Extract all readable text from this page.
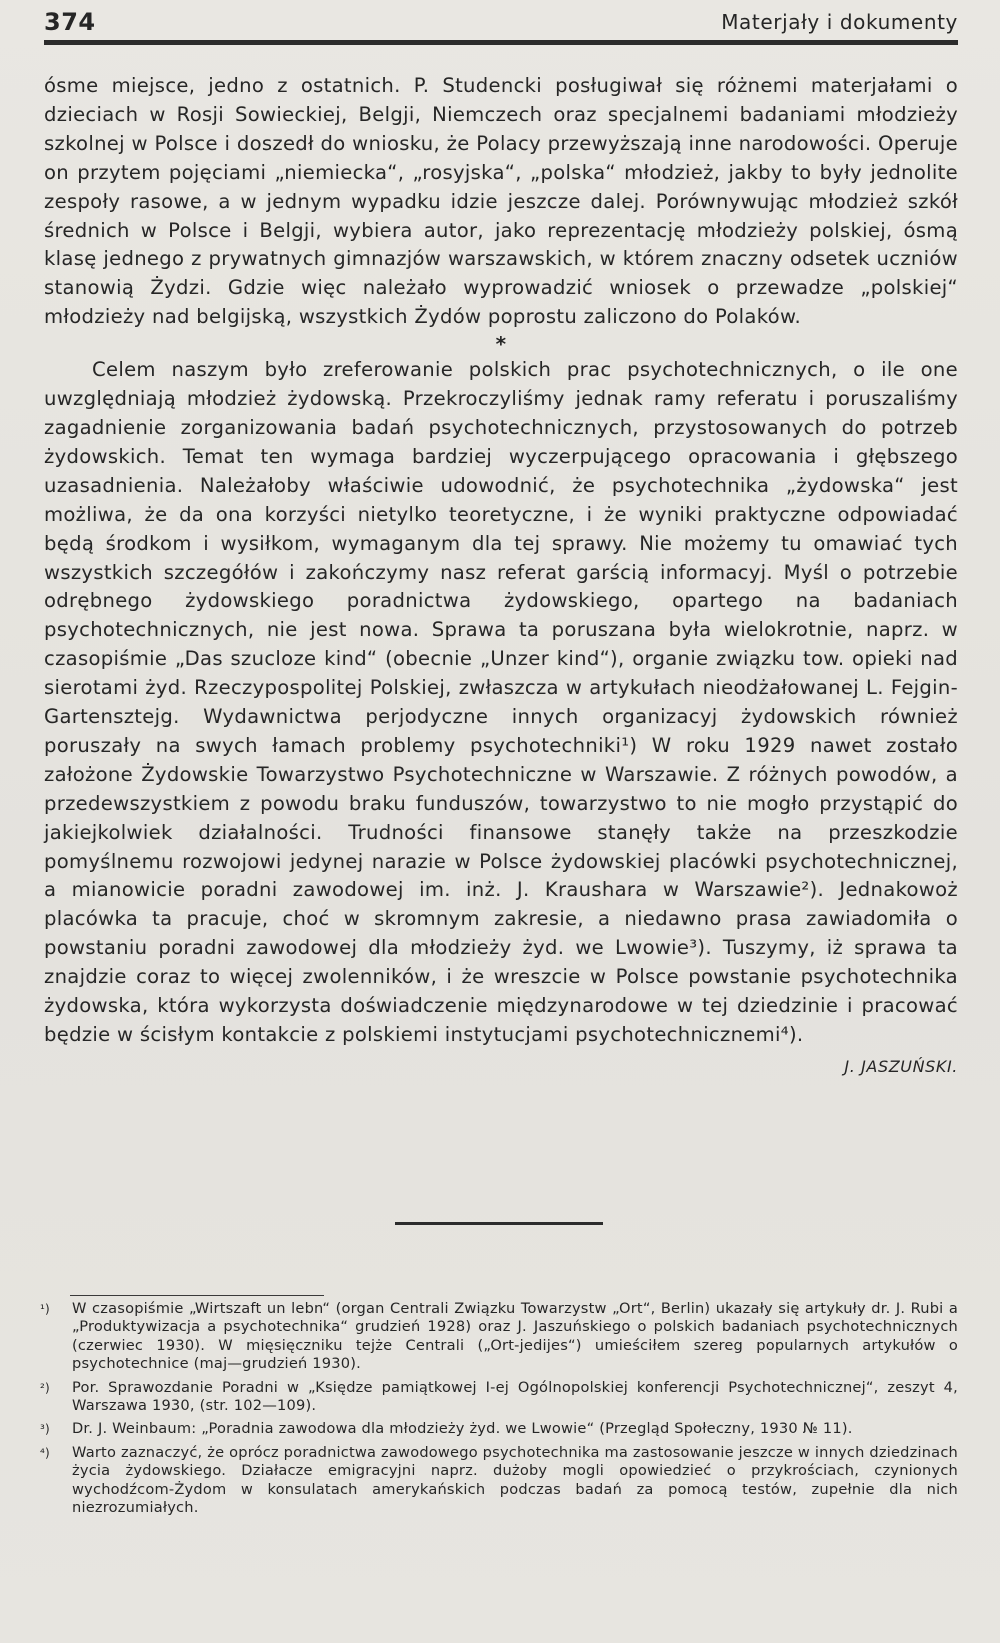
374	Materjały i dokumenty

ósme miejsce, jedno z ostatnich. P. Studencki posługiwał się różnemi materjałami o dzieciach w Rosji Sowieckiej, Belgji, Niemczech oraz specjalnemi badaniami młodzieży szkolnej w Polsce i doszedł do wniosku, że Polacy przewyższają inne narodowości. Operuje on przytem pojęciami „niemiecka“, „rosyjska“, „polska“ młodzież, jakby to były jednolite zespoły rasowe, a w jednym wypadku idzie jeszcze dalej. Porównywując młodzież szkół średnich w Polsce i Belgji, wybiera autor, jako reprezentację młodzieży polskiej, ósmą klasę jednego z prywatnych gimnazjów warszawskich, w którem znaczny odsetek uczniów stanowią Żydzi. Gdzie więc należało wyprowadzić wniosek o przewadze „polskiej“ młodzieży nad belgijską, wszystkich Żydów poprostu zaliczono do Polaków.

*

Celem naszym było zreferowanie polskich prac psychotechnicznych, o ile one uwzględniają młodzież żydowską. Przekroczyliśmy jednak ramy referatu i poruszaliśmy zagadnienie zorganizowania badań psychotechnicznych, przystosowanych do potrzeb żydowskich. Temat ten wymaga bardziej wyczerpującego opracowania i głębszego uzasadnienia. Należałoby właściwie udowodnić, że psychotechnika „żydowska“ jest możliwa, że da ona korzyści nietylko teoretyczne, i że wyniki praktyczne odpowiadać będą środkom i wysiłkom, wymaganym dla tej sprawy. Nie możemy tu omawiać tych wszystkich szczegółów i zakończymy nasz referat garścią informacyj. Myśl o potrzebie odrębnego żydowskiego poradnictwa żydowskiego, opartego na badaniach psychotechnicznych, nie jest nowa. Sprawa ta poruszana była wielokrotnie, naprz. w czasopiśmie „Das szucloze kind“ (obecnie „Unzer kind“), organie związku tow. opieki nad sierotami żyd. Rzeczypospolitej Polskiej, zwłaszcza w artykułach nieodżałowanej L. Fejgin-Gartensztejg. Wydawnictwa perjodyczne innych organizacyj żydowskich również poruszały na swych łamach problemy psychotechniki¹) W roku 1929 nawet zostało założone Żydowskie Towarzystwo Psychotechniczne w Warszawie. Z różnych powodów, a przedewszystkiem z powodu braku funduszów, towarzystwo to nie mogło przystąpić do jakiejkolwiek działalności. Trudności finansowe stanęły także na przeszkodzie pomyślnemu rozwojowi jedynej narazie w Polsce żydowskiej placówki psychotechnicznej, a mianowicie poradni zawodowej im. inż. J. Kraushara w Warszawie²). Jednakowoż placówka ta pracuje, choć w skromnym zakresie, a niedawno prasa zawiadomiła o powstaniu poradni zawodowej dla młodzieży żyd. we Lwowie³). Tuszymy, iż sprawa ta znajdzie coraz to więcej zwolenników, i że wreszcie w Polsce powstanie psychotechnika żydowska, która wykorzysta doświadczenie międzynarodowe w tej dziedzinie i pracować będzie w ścisłym kontakcie z polskiemi instytucjami psychotechnicznemi⁴).

J. JASZUŃSKI.
¹) W czasopiśmie „Wirtszaft un lebn“ (organ Centrali Związku Towarzystw „Ort“, Berlin) ukazały się artykuły dr. J. Rubi a „Produktywizacja a psychotechnika“ grudzień 1928) oraz J. Jaszuńskiego o polskich badaniach psychotechnicznych (czerwiec 1930). W mięsięczniku tejże Centrali („Ort-jedijes“) umieściłem szereg popularnych artykułów o psychotechnice (maj—grudzień 1930).
²) Por. Sprawozdanie Poradni w „Księdze pamiątkowej I-ej Ogólnopolskiej konferencji Psychotechnicznej“, zeszyt 4, Warszawa 1930, (str. 102—109).
³) Dr. J. Weinbaum: „Poradnia zawodowa dla młodzieży żyd. we Lwowie“ (Przegląd Społeczny, 1930 № 11).
⁴) Warto zaznaczyć, że oprócz poradnictwa zawodowego psychotechnika ma zastosowanie jeszcze w innych dziedzinach życia żydowskiego. Działacze emigracyjni naprz. dużoby mogli opowiedzieć o przykrościach, czynionych wychodźcom-Żydom w konsulatach amerykańskich podczas badań za pomocą testów, zupełnie dla nich niezrozumiałych.
